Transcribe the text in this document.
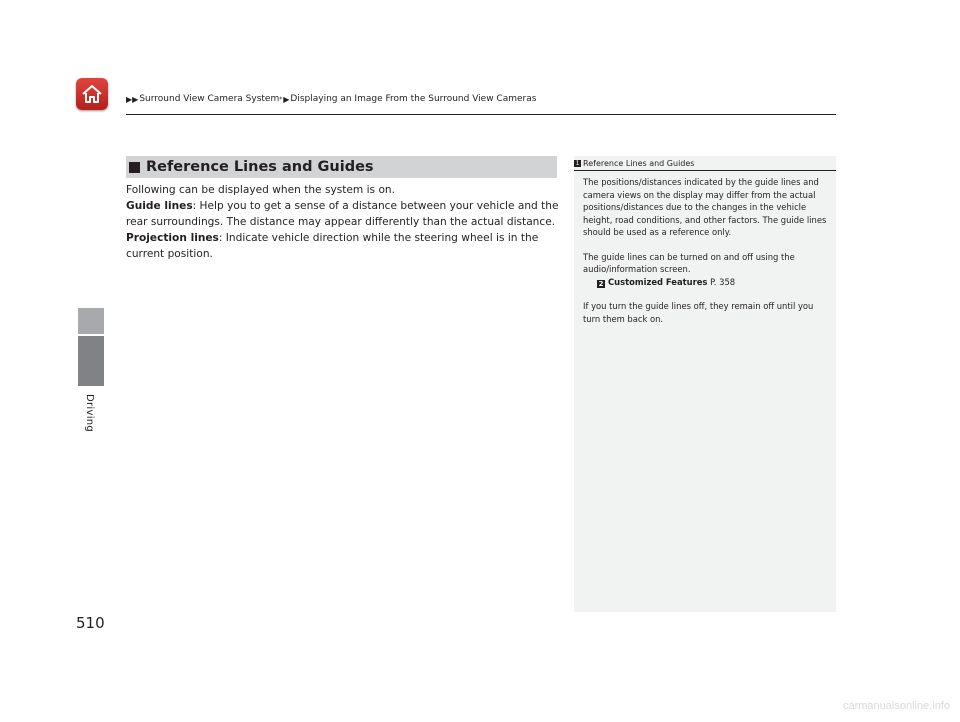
▶▶ Surround View Camera System * ▶ Displaying an Image From the Surround View Cameras
Driving
Reference Lines and Guides

Following can be displayed when the system is on.

Guide lines: Help you to get a sense of a distance between your vehicle and the rear surroundings. The distance may appear differently than the actual distance.

Projection lines: Indicate vehicle direction while the steering wheel is in the current position.

1 Reference Lines and Guides

The positions/distances indicated by the guide lines and camera views on the display may differ from the actual positions/distances due to the changes in the vehicle height, road conditions, and other factors. The guide lines should be used as a reference only.

The guide lines can be turned on and off using the audio/information screen.

2 Customized Features P. 358

If you turn the guide lines off, they remain off until you turn them back on.

510
carmanualsonline.info
